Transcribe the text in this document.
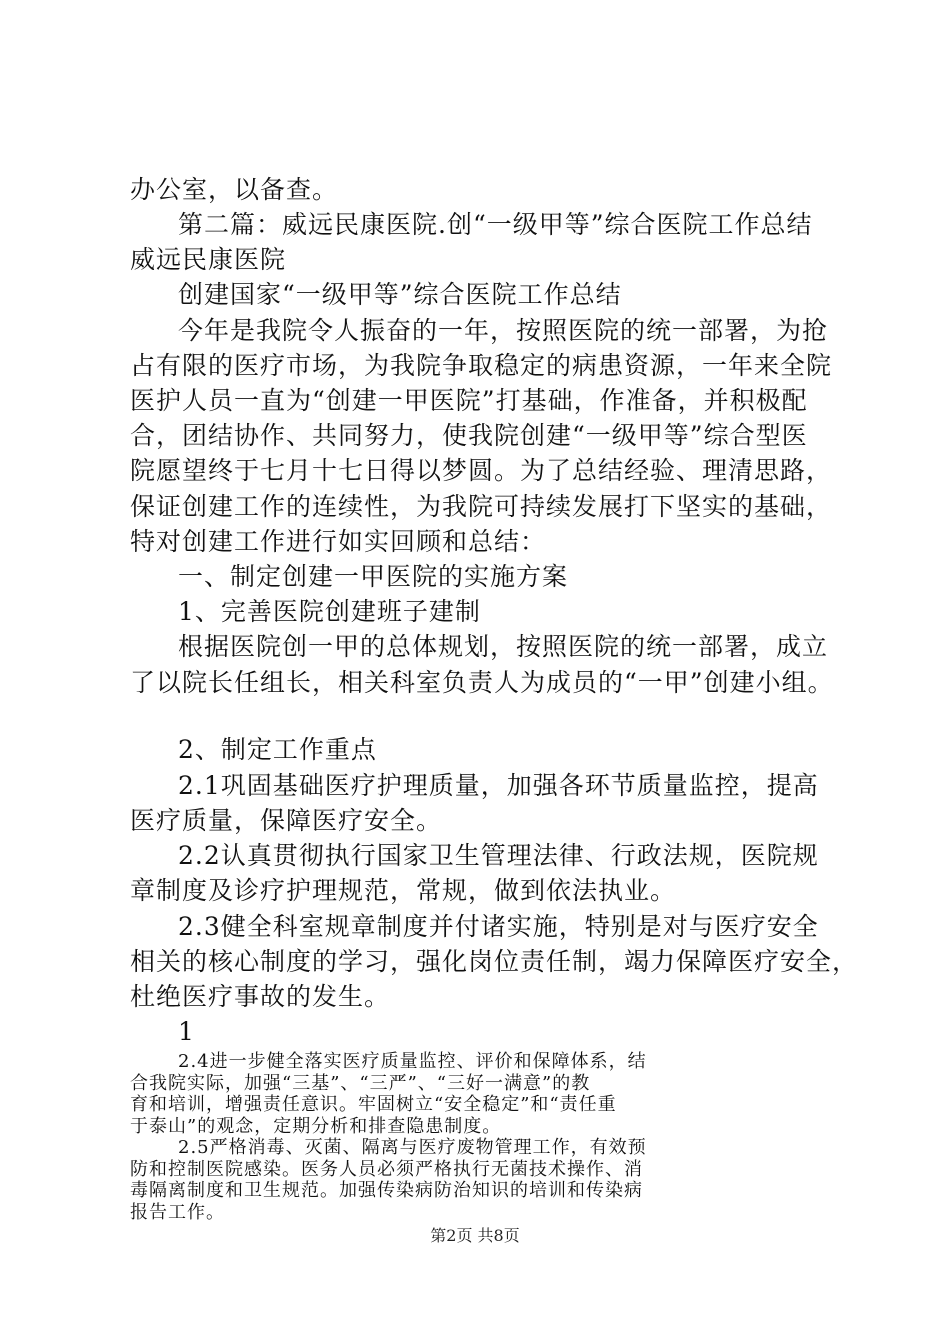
办公室，以备查。
第二篇：威远民康医院.创“一级甲等”综合医院工作总结
威远民康医院
创建国家“一级甲等”综合医院工作总结
今年是我院令人振奋的一年，按照医院的统一部署，为抢
占有限的医疗市场，为我院争取稳定的病患资源，一年来全院
医护人员一直为“创建一甲医院”打基础，作准备，并积极配
合，团结协作、共同努力，使我院创建“一级甲等”综合型医
院愿望终于七月十七日得以梦圆。为了总结经验、理清思路，
保证创建工作的连续性，为我院可持续发展打下坚实的基础，
特对创建工作进行如实回顾和总结：
一、制定创建一甲医院的实施方案
1、完善医院创建班子建制
根据医院创一甲的总体规划，按照医院的统一部署，成立
了以院长任组长，相关科室负责人为成员的“一甲”创建小组。
2、制定工作重点
2.1巩固基础医疗护理质量，加强各环节质量监控，提高
医疗质量，保障医疗安全。
2.2认真贯彻执行国家卫生管理法律、行政法规，医院规
章制度及诊疗护理规范，常规，做到依法执业。
2.3健全科室规章制度并付诸实施，特别是对与医疗安全
相关的核心制度的学习，强化岗位责任制，竭力保障医疗安全，
杜绝医疗事故的发生。
1
2.4进一步健全落实医疗质量监控、评价和保障体系，结
合我院实际，加强“三基”、“三严”、“三好一满意”的教
育和培训，增强责任意识。牢固树立“安全稳定”和“责任重
于泰山”的观念，定期分析和排查隐患制度。
第2页 共8页
2.5严格消毒、灭菌、隔离与医疗废物管理工作，有效预
防和控制医院感染。医务人员必须严格执行无菌技术操作、消
毒隔离制度和卫生规范。加强传染病防治知识的培训和传染病
报告工作。
